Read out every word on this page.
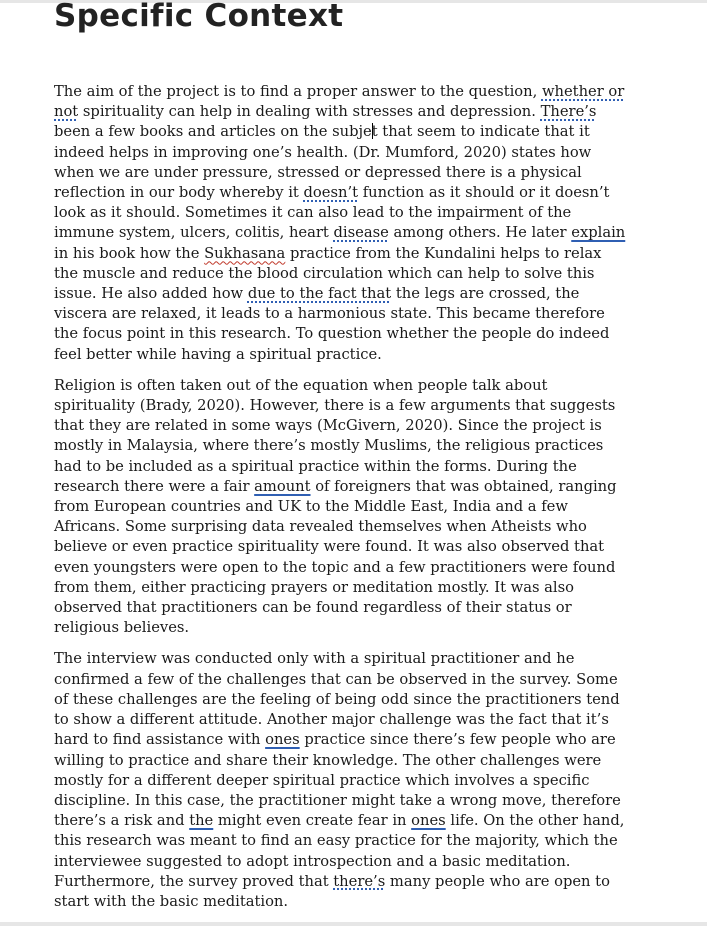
Specific Context

The aim of the project is to find a proper answer to the question, whether or
not spirituality can help in dealing with stresses and depression. There’s
been a few books and articles on the subjet that seem to indicate that it
indeed helps in improving one’s health. (Dr. Mumford, 2020) states how
when we are under pressure, stressed or depressed there is a physical
reflection in our body whereby it doesn’t function as it should or it doesn’t
look as it should. Sometimes it can also lead to the impairment of the
immune system, ulcers, colitis, heart disease among others. He later explain
in his book how the Sukhasana practice from the Kundalini helps to relax
the muscle and reduce the blood circulation which can help to solve this
issue. He also added how due to the fact that the legs are crossed, the
viscera are relaxed, it leads to a harmonious state. This became therefore
the focus point in this research. To question whether the people do indeed
feel better while having a spiritual practice.

Religion is often taken out of the equation when people talk about
spirituality (Brady, 2020). However, there is a few arguments that suggests
that they are related in some ways (McGivern, 2020). Since the project is
mostly in Malaysia, where there’s mostly Muslims, the religious practices
had to be included as a spiritual practice within the forms. During the
research there were a fair amount of foreigners that was obtained, ranging
from European countries and UK to the Middle East, India and a few
Africans. Some surprising data revealed themselves when Atheists who
believe or even practice spirituality were found. It was also observed that
even youngsters were open to the topic and a few practitioners were found
from them, either practicing prayers or meditation mostly. It was also
observed that practitioners can be found regardless of their status or
religious believes.

The interview was conducted only with a spiritual practitioner and he
confirmed a few of the challenges that can be observed in the survey. Some
of these challenges are the feeling of being odd since the practitioners tend
to show a different attitude. Another major challenge was the fact that it’s
hard to find assistance with ones practice since there’s few people who are
willing to practice and share their knowledge. The other challenges were
mostly for a different deeper spiritual practice which involves a specific
discipline. In this case, the practitioner might take a wrong move, therefore
there’s a risk and the might even create fear in ones life. On the other hand,
this research was meant to find an easy practice for the majority, which the
interviewee suggested to adopt introspection and a basic meditation.
Furthermore, the survey proved that there’s many people who are open to
start with the basic meditation.
